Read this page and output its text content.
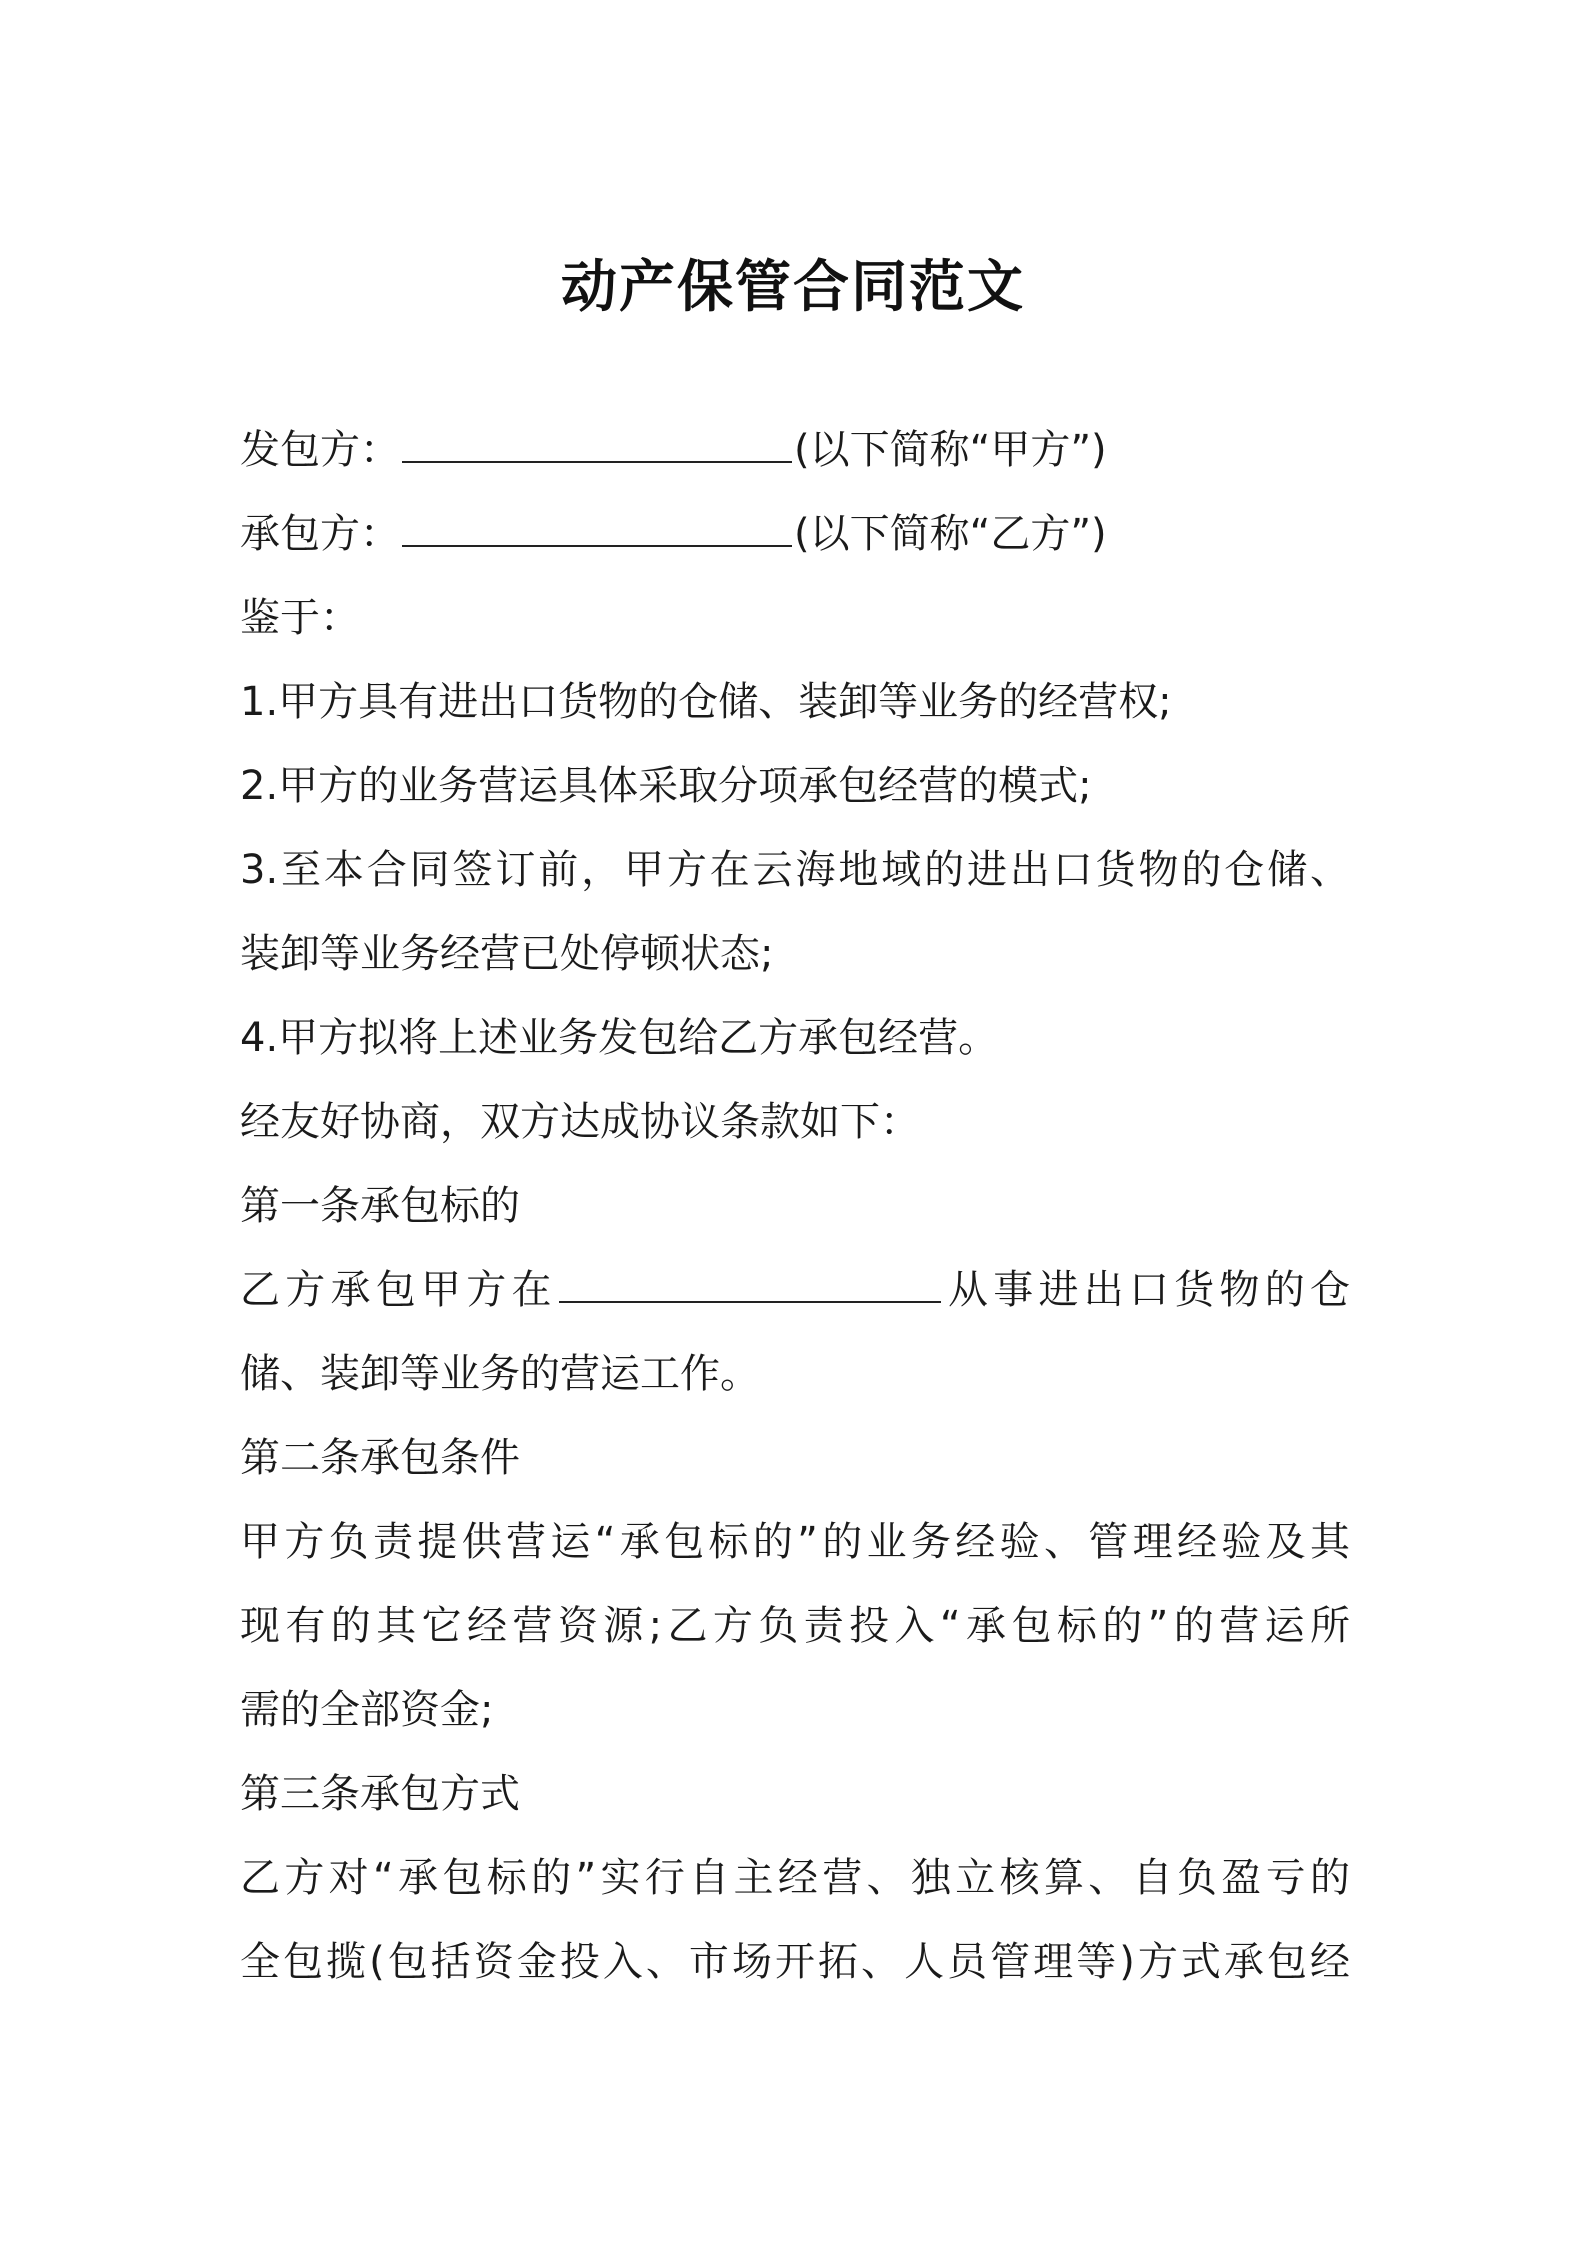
动产保管合同范文
发包方：	(以下简称“甲方”)
承包方：	(以下简称“乙方”)
鉴于：
1.甲方具有进出口货物的仓储、装卸等业务的经营权;
2.甲方的业务营运具体采取分项承包经营的模式;
3.至本合同签订前，甲方在云海地域的进出口货物的仓储、
装卸等业务经营已处停顿状态;
4.甲方拟将上述业务发包给乙方承包经营。
经友好协商，双方达成协议条款如下：
第一条承包标的
乙方承包甲方在	从事进出口货物的仓
储、装卸等业务的营运工作。
第二条承包条件
甲方负责提供营运“承包标的”的业务经验、管理经验及其
现有的其它经营资源;乙方负责投入“承包标的”的营运所
需的全部资金;
第三条承包方式
乙方对“承包标的”实行自主经营、独立核算、自负盈亏的
全包揽(包括资金投入、市场开拓、人员管理等)方式承包经
